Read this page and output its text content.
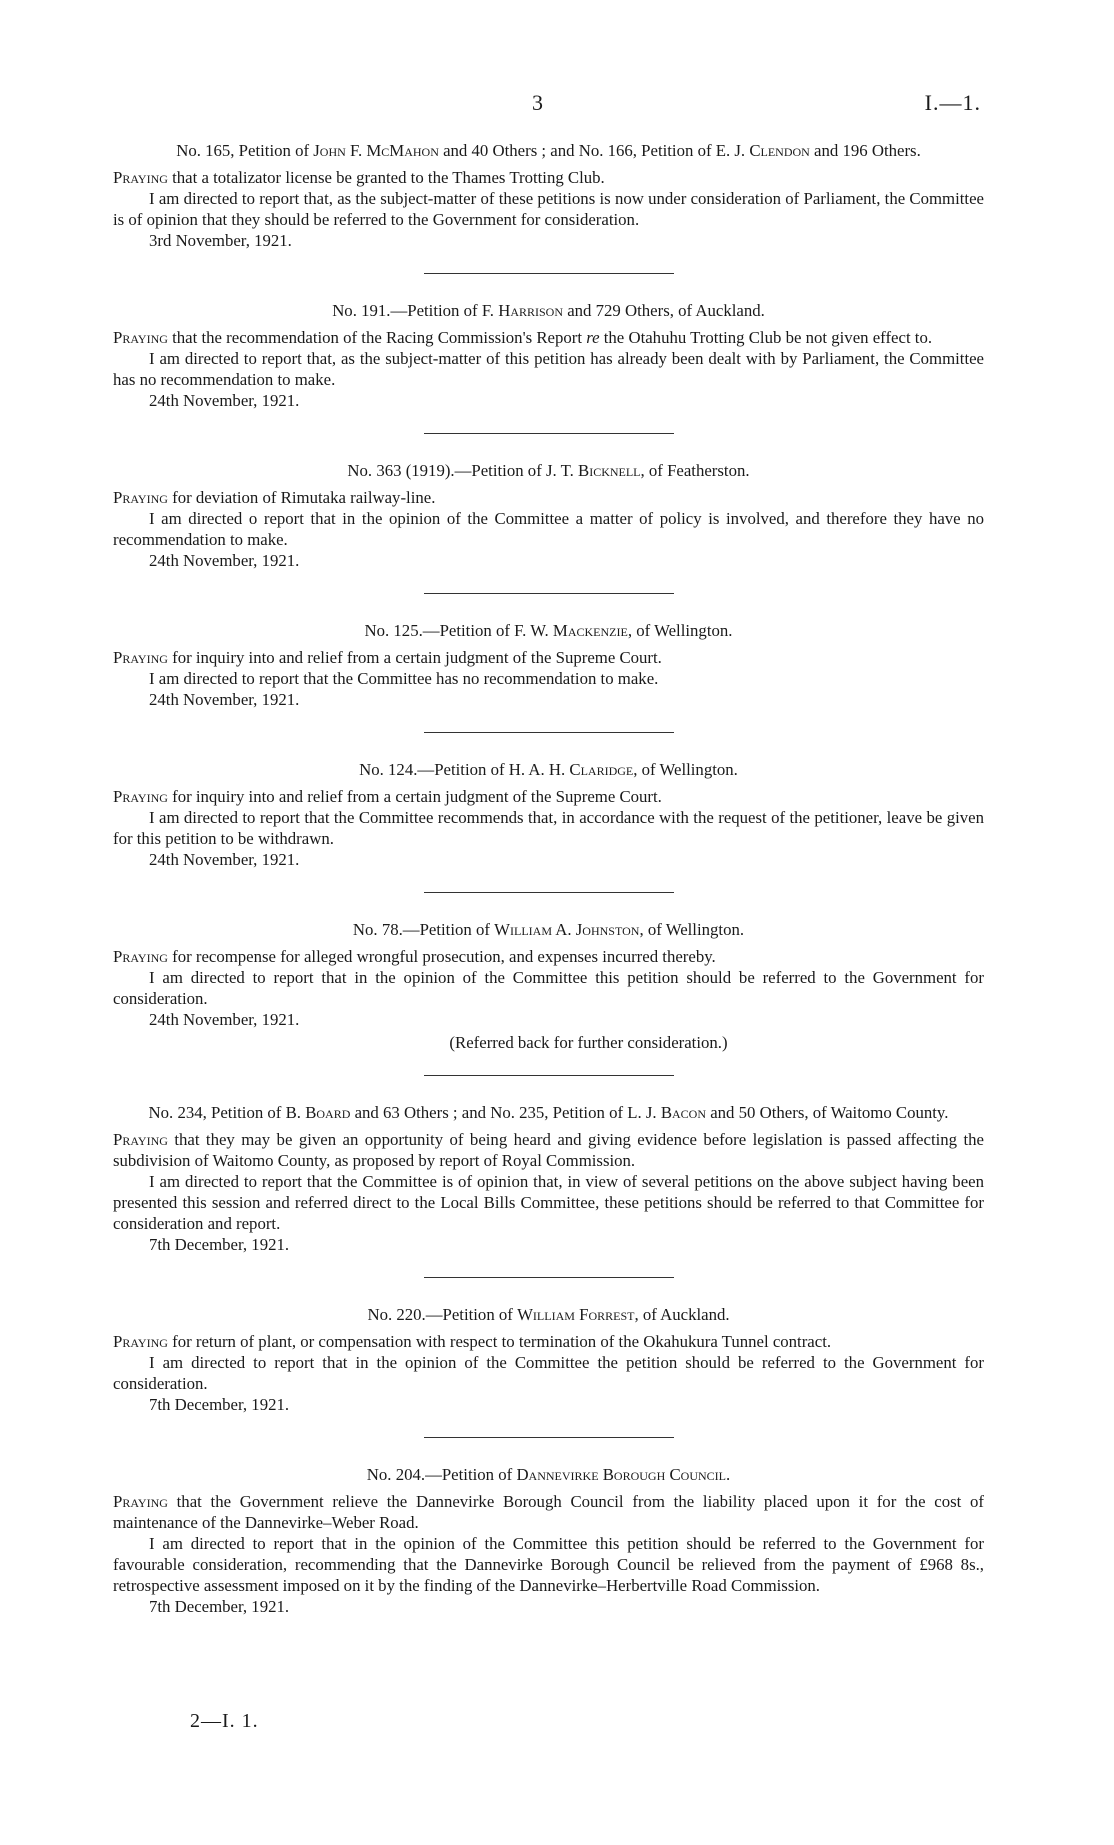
3	I.—1.

No. 165, Petition of John F. McMahon and 40 Others ; and No. 166, Petition of E. J. Clendon and 196 Others.

Praying that a totalizator license be granted to the Thames Trotting Club.

I am directed to report that, as the subject-matter of these petitions is now under consideration of Parliament, the Committee is of opinion that they should be referred to the Government for consideration.

3rd November, 1921.

No. 191.—Petition of F. Harrison and 729 Others, of Auckland.

Praying that the recommendation of the Racing Commission's Report re the Otahuhu Trotting Club be not given effect to.

I am directed to report that, as the subject-matter of this petition has already been dealt with by Parliament, the Committee has no recommendation to make.

24th November, 1921.

No. 363 (1919).—Petition of J. T. Bicknell, of Featherston.

Praying for deviation of Rimutaka railway-line.

I am directed o report that in the opinion of the Committee a matter of policy is involved, and therefore they have no recommendation to make.

24th November, 1921.

No. 125.—Petition of F. W. Mackenzie, of Wellington.

Praying for inquiry into and relief from a certain judgment of the Supreme Court.

I am directed to report that the Committee has no recommendation to make.

24th November, 1921.

No. 124.—Petition of H. A. H. Claridge, of Wellington.

Praying for inquiry into and relief from a certain judgment of the Supreme Court.

I am directed to report that the Committee recommends that, in accordance with the request of the petitioner, leave be given for this petition to be withdrawn.

24th November, 1921.

No. 78.—Petition of William A. Johnston, of Wellington.

Praying for recompense for alleged wrongful prosecution, and expenses incurred thereby.

I am directed to report that in the opinion of the Committee this petition should be referred to the Government for consideration.

24th November, 1921.

(Referred back for further consideration.)

No. 234, Petition of B. Board and 63 Others ; and No. 235, Petition of L. J. Bacon and 50 Others, of Waitomo County.

Praying that they may be given an opportunity of being heard and giving evidence before legislation is passed affecting the subdivision of Waitomo County, as proposed by report of Royal Commission.

I am directed to report that the Committee is of opinion that, in view of several petitions on the above subject having been presented this session and referred direct to the Local Bills Committee, these petitions should be referred to that Committee for consideration and report.

7th December, 1921.

No. 220.—Petition of William Forrest, of Auckland.

Praying for return of plant, or compensation with respect to termination of the Okahukura Tunnel contract.

I am directed to report that in the opinion of the Committee the petition should be referred to the Government for consideration.

7th December, 1921.

No. 204.—Petition of Dannevirke Borough Council.

Praying that the Government relieve the Dannevirke Borough Council from the liability placed upon it for the cost of maintenance of the Dannevirke–Weber Road.

I am directed to report that in the opinion of the Committee this petition should be referred to the Government for favourable consideration, recommending that the Dannevirke Borough Council be relieved from the payment of £968 8s., retrospective assessment imposed on it by the finding of the Dannevirke–Herbertville Road Commission.

7th December, 1921.

2—I. 1.
